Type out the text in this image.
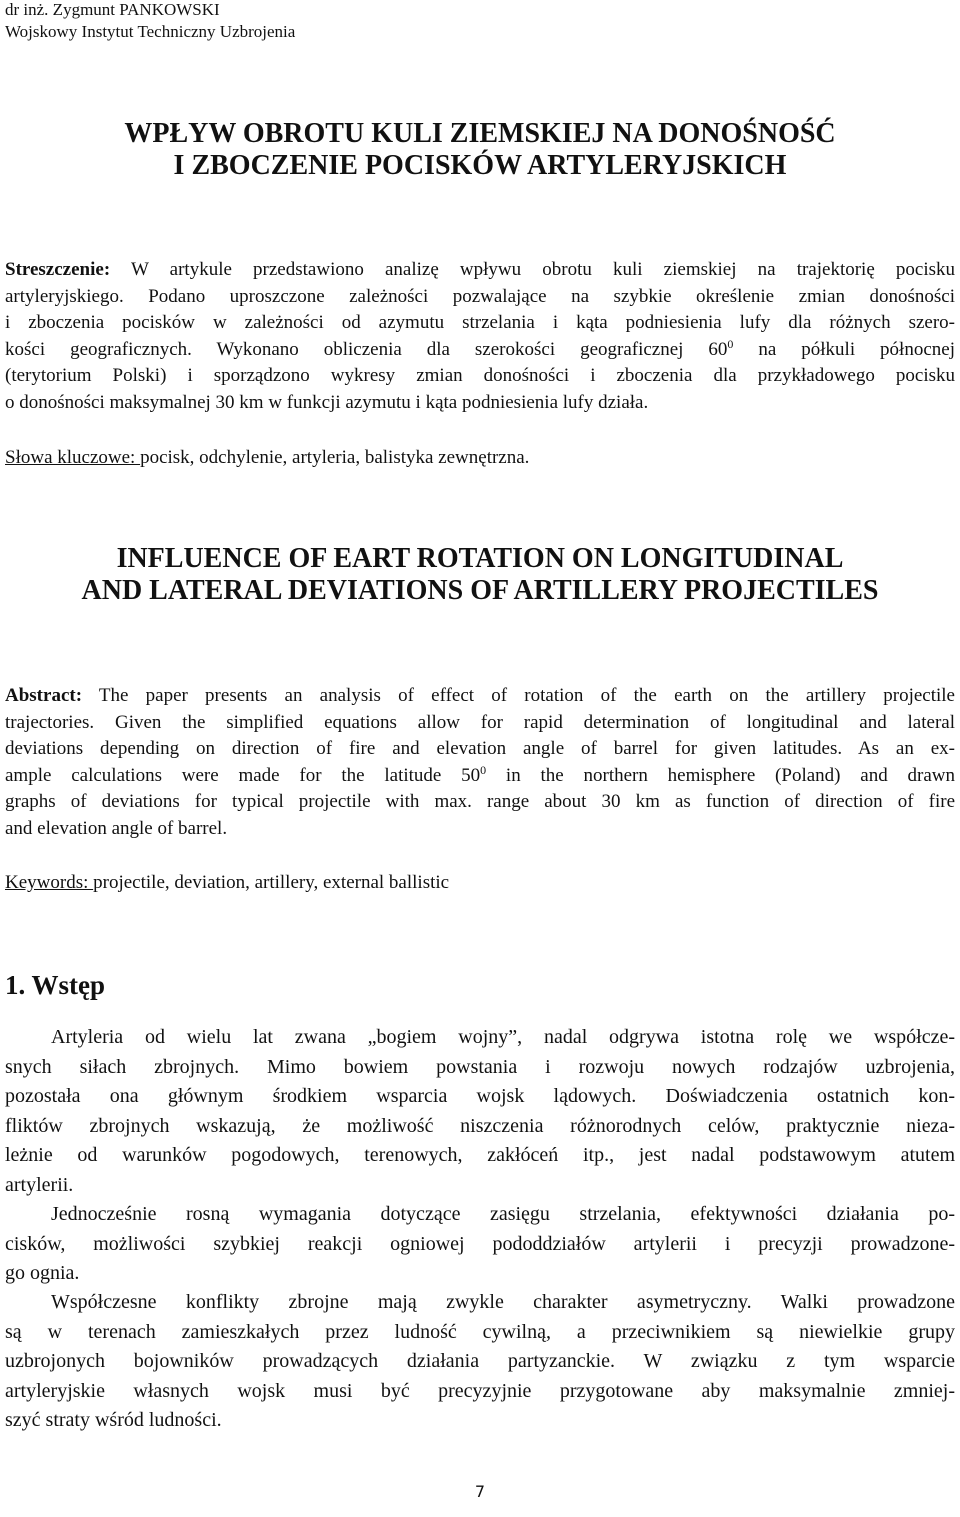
dr inż. Zygmunt PANKOWSKI
Wojskowy Instytut Techniczny Uzbrojenia
WPŁYW OBROTU KULI ZIEMSKIEJ NA DONOŚNOŚĆ
I ZBOCZENIE POCISKÓW ARTYLERYJSKICH
Streszczenie: W artykule przedstawiono analizę wpływu obrotu kuli ziemskiej na trajektorię pocisku
artyleryjskiego. Podano uproszczone zależności pozwalające na szybkie określenie zmian donośności
i zboczenia pocisków w zależności od azymutu strzelania i kąta podniesienia lufy dla różnych szero-
kości geograficznych. Wykonano obliczenia dla szerokości geograficznej $60^0$ na półkuli północnej
(terytorium Polski) i sporządzono wykresy zmian donośności i zboczenia dla przykładowego pocisku
o donośności maksymalnej 30 km w funkcji azymutu i kąta podniesienia lufy działa.
Słowa kluczowe: pocisk, odchylenie, artyleria, balistyka zewnętrzna.
INFLUENCE OF EART ROTATION ON LONGITUDINAL
AND LATERAL DEVIATIONS OF ARTILLERY PROJECTILES
Abstract: The paper presents an analysis of effect of rotation of the earth on the artillery projectile
trajectories. Given the simplified equations allow for rapid determination of longitudinal and lateral
deviations depending on direction of fire and elevation angle of barrel for given latitudes. As an ex-
ample calculations were made for the latitude $50^0$ in the northern hemisphere (Poland) and drawn
graphs of deviations for typical projectile with max. range about 30 km as function of direction of fire
and elevation angle of barrel.
Keywords: projectile, deviation, artillery, external ballistic
1. Wstęp
Artyleria od wielu lat zwana „bogiem wojny”, nadal odgrywa istotna rolę we współcze-
snych siłach zbrojnych. Mimo bowiem powstania i rozwoju nowych rodzajów uzbrojenia,
pozostała ona głównym środkiem wsparcia wojsk lądowych. Doświadczenia ostatnich kon-
fliktów zbrojnych wskazują, że możliwość niszczenia różnorodnych celów, praktycznie nieza-
leżnie od warunków pogodowych, terenowych, zakłóceń itp., jest nadal podstawowym atutem
artylerii.
Jednocześnie rosną wymagania dotyczące zasięgu strzelania, efektywności działania po-
cisków, możliwości szybkiej reakcji ogniowej pododdziałów artylerii i precyzji prowadzone-
go ognia.
Współczesne konflikty zbrojne mają zwykle charakter asymetryczny. Walki prowadzone
są w terenach zamieszkałych przez ludność cywilną, a przeciwnikiem są niewielkie grupy
uzbrojonych bojowników prowadzących działania partyzanckie. W związku z tym wsparcie
artyleryjskie własnych wojsk musi być precyzyjnie przygotowane aby maksymalnie zmniej-
szyć straty wśród ludności.
7
